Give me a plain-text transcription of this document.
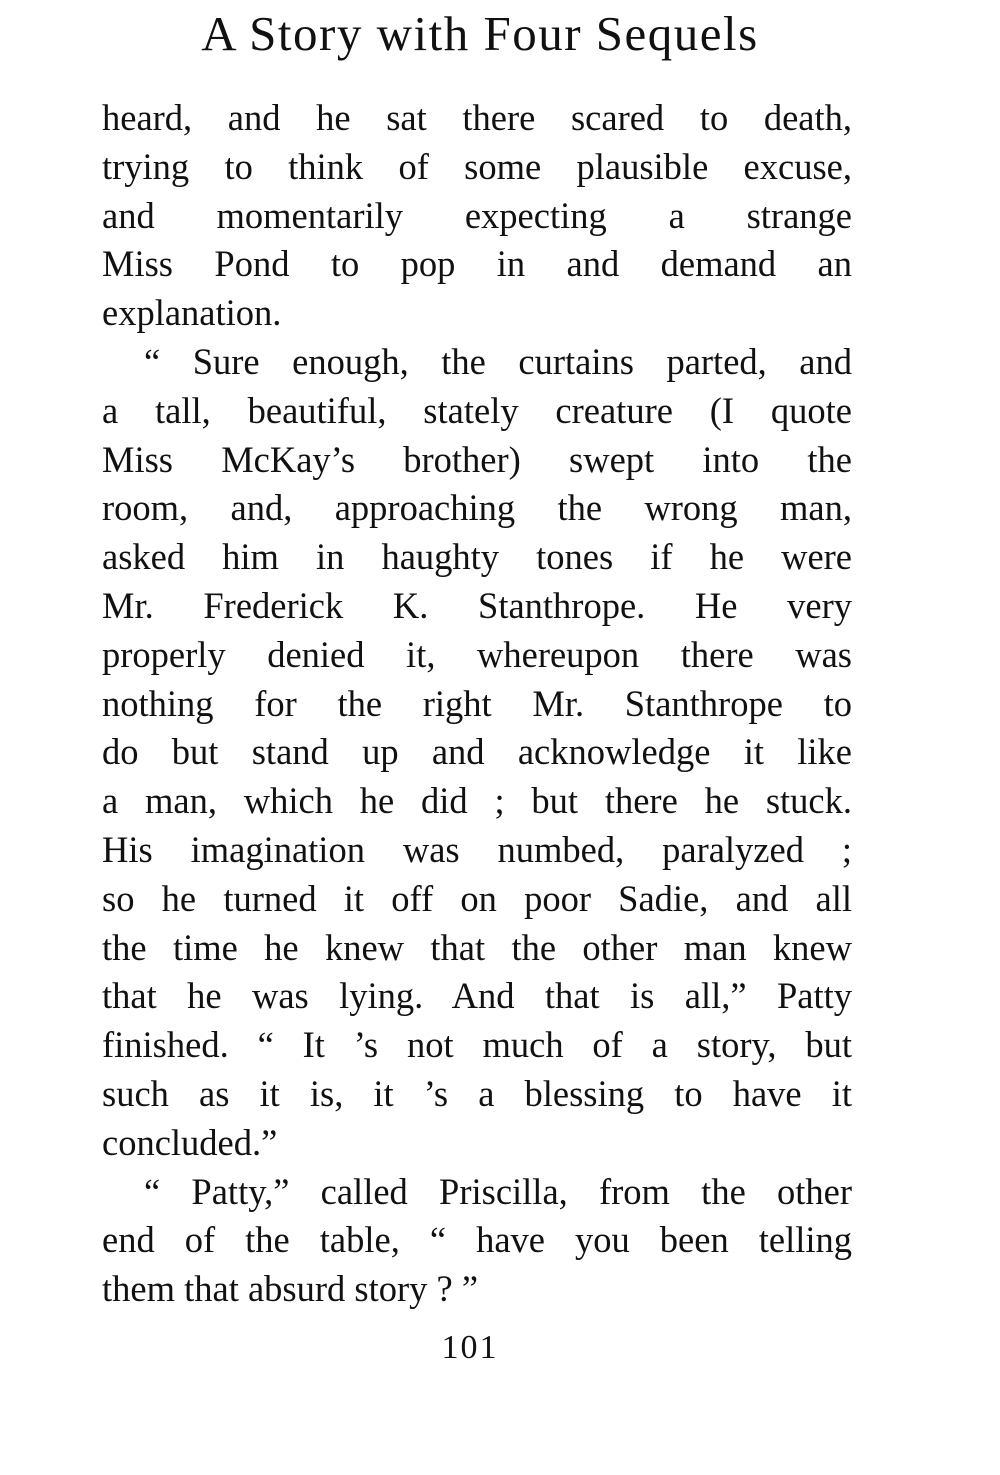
A Story with Four Sequels
heard, and he sat there scared to death,
trying to think of some plausible excuse,
and momentarily expecting a strange
Miss Pond to pop in and demand an
explanation.
“ Sure enough, the curtains parted, and
a tall, beautiful, stately creature (I quote
Miss McKay’s brother) swept into the
room, and, approaching the wrong man,
asked him in haughty tones if he were
Mr. Frederick K. Stanthrope. He very
properly denied it, whereupon there was
nothing for the right Mr. Stanthrope to
do but stand up and acknowledge it like
a man, which he did ; but there he stuck.
His imagination was numbed, paralyzed ;
so he turned it off on poor Sadie, and all
the time he knew that the other man knew
that he was lying. And that is all,” Patty
finished. “ It ’s not much of a story, but
such as it is, it ’s a blessing to have it
concluded.”
“ Patty,” called Priscilla, from the other
end of the table, “ have you been telling
them that absurd story ? ”
101
